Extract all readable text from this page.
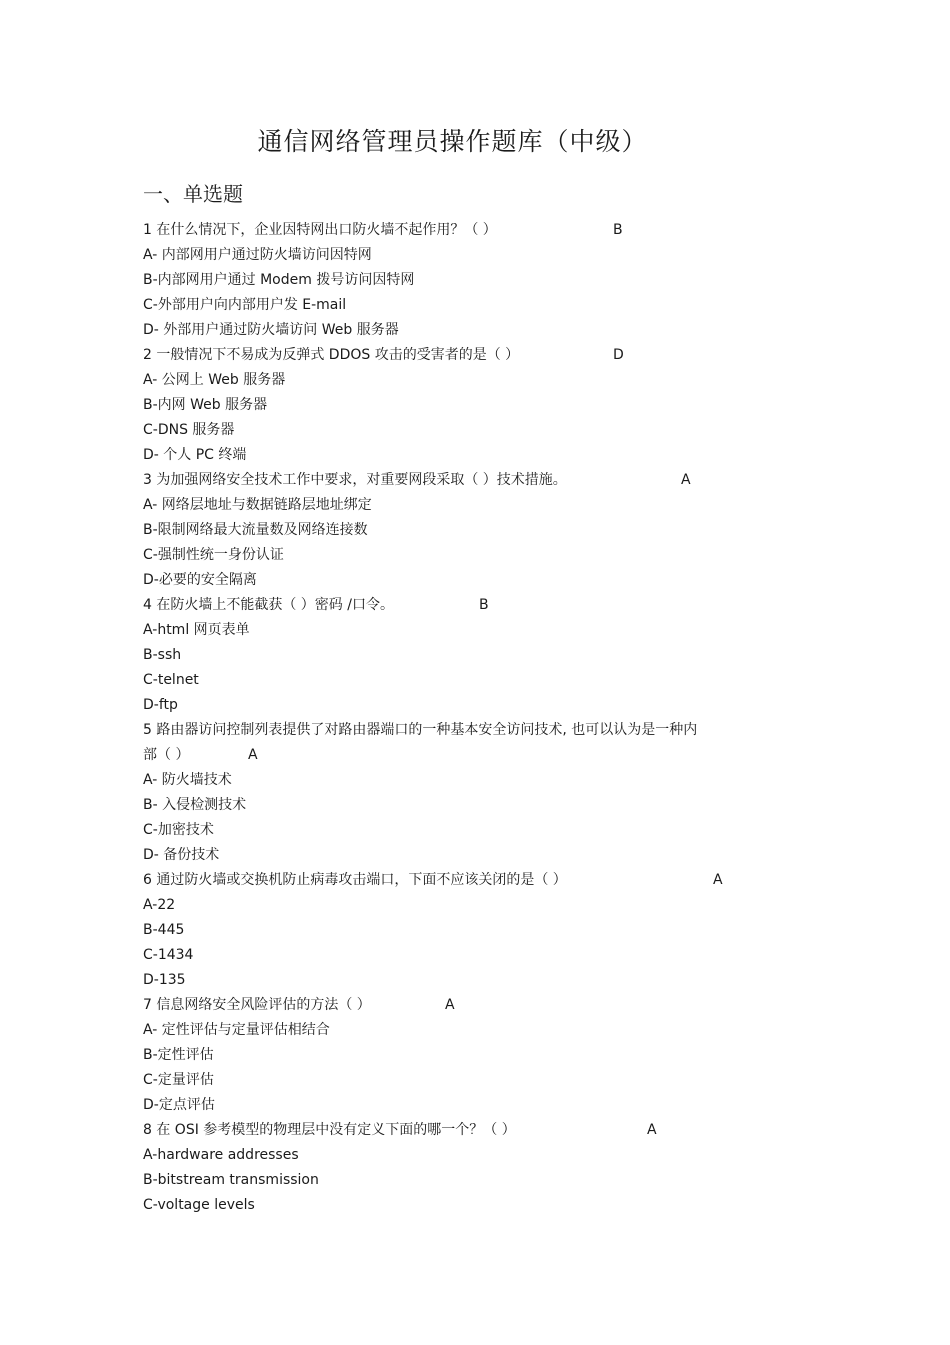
通信网络管理员操作题库（中级）
一、单选题
1 在什么情况下，企业因特网出口防火墙不起作用？（ ）	B
A- 内部网用户通过防火墙访问因特网
B-内部网用户通过 Modem 拨号访问因特网
C-外部用户向内部用户发 E-mail
D- 外部用户通过防火墙访问 Web 服务器
2 一般情况下不易成为反弹式 DDOS 攻击的受害者的是（ ）	D
A- 公网上 Web 服务器
B-内网 Web 服务器
C-DNS 服务器
D- 个人 PC 终端
3 为加强网络安全技术工作中要求，对重要网段采取（ ）技术措施。	A
A- 网络层地址与数据链路层地址绑定
B-限制网络最大流量数及网络连接数
C-强制性统一身份认证
D-必要的安全隔离
4 在防火墙上不能截获（ ）密码 /口令。	B
A-html 网页表单
B-ssh
C-telnet
D-ftp
5 路由器访问控制列表提供了对路由器端口的一种基本安全访问技术, 也可以认为是一种内
部（ ）	A
A- 防火墙技术
B- 入侵检测技术
C-加密技术
D- 备份技术
6 通过防火墙或交换机防止病毒攻击端口，下面不应该关闭的是（ ）	A
A-22
B-445
C-1434
D-135
7 信息网络安全风险评估的方法（ ）	A
A- 定性评估与定量评估相结合
B-定性评估
C-定量评估
D-定点评估
8 在 OSI 参考模型的物理层中没有定义下面的哪一个？（ ）	A
A-hardware addresses
B-bitstream transmission
C-voltage levels
